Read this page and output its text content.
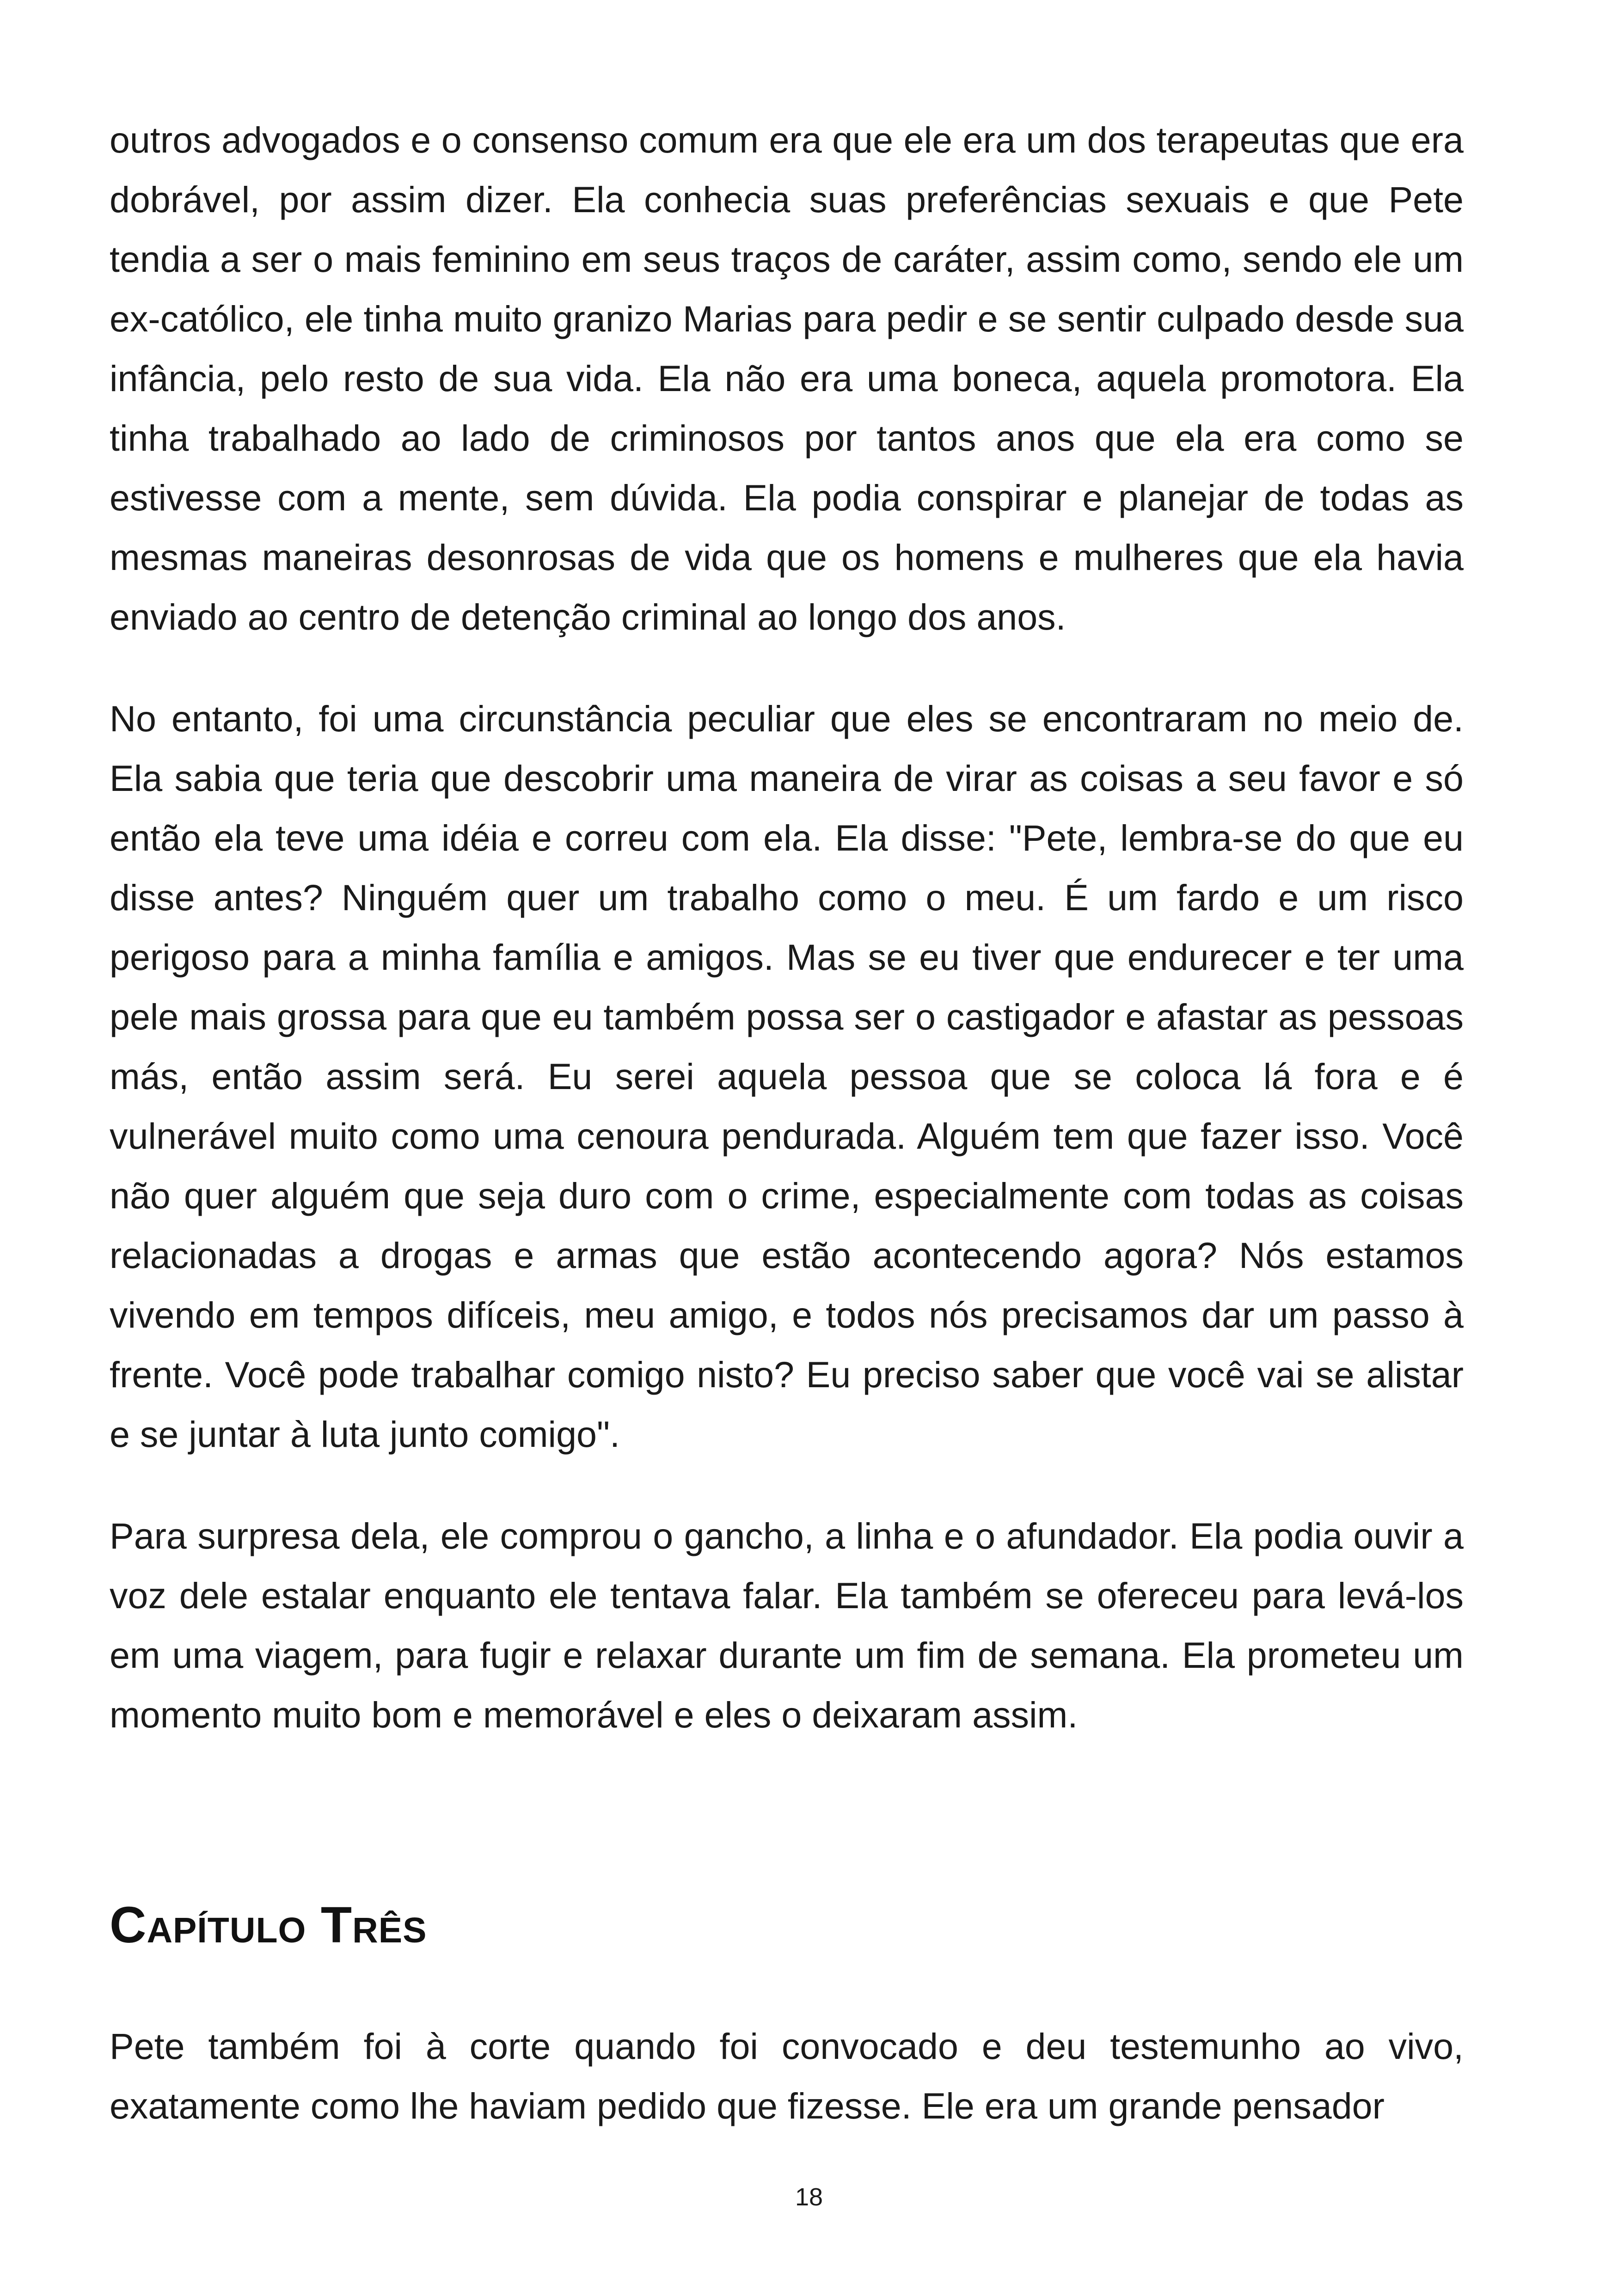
outros advogados e o consenso comum era que ele era um dos terapeutas que era dobrável, por assim dizer. Ela conhecia suas preferências sexuais e que Pete tendia a ser o mais feminino em seus traços de caráter, assim como, sendo ele um ex-católico, ele tinha muito granizo Marias para pedir e se sentir culpado desde sua infância, pelo resto de sua vida. Ela não era uma boneca, aquela promotora. Ela tinha trabalhado ao lado de criminosos por tantos anos que ela era como se estivesse com a mente, sem dúvida. Ela podia conspirar e planejar de todas as mesmas maneiras desonrosas de vida que os homens e mulheres que ela havia enviado ao centro de detenção criminal ao longo dos anos.

No entanto, foi uma circunstância peculiar que eles se encontraram no meio de. Ela sabia que teria que descobrir uma maneira de virar as coisas a seu favor e só então ela teve uma idéia e correu com ela. Ela disse: "Pete, lembra-se do que eu disse antes? Ninguém quer um trabalho como o meu. É um fardo e um risco perigoso para a minha família e amigos. Mas se eu tiver que endurecer e ter uma pele mais grossa para que eu também possa ser o castigador e afastar as pessoas más, então assim será. Eu serei aquela pessoa que se coloca lá fora e é vulnerável muito como uma cenoura pendurada. Alguém tem que fazer isso. Você não quer alguém que seja duro com o crime, especialmente com todas as coisas relacionadas a drogas e armas que estão acontecendo agora? Nós estamos vivendo em tempos difíceis, meu amigo, e todos nós precisamos dar um passo à frente. Você pode trabalhar comigo nisto? Eu preciso saber que você vai se alistar e se juntar à luta junto comigo".

Para surpresa dela, ele comprou o gancho, a linha e o afundador. Ela podia ouvir a voz dele estalar enquanto ele tentava falar. Ela também se ofereceu para levá-los em uma viagem, para fugir e relaxar durante um fim de semana. Ela prometeu um momento muito bom e memorável e eles o deixaram assim.

Capítulo Três

Pete também foi à corte quando foi convocado e deu testemunho ao vivo, exatamente como lhe haviam pedido que fizesse. Ele era um grande pensador

18
